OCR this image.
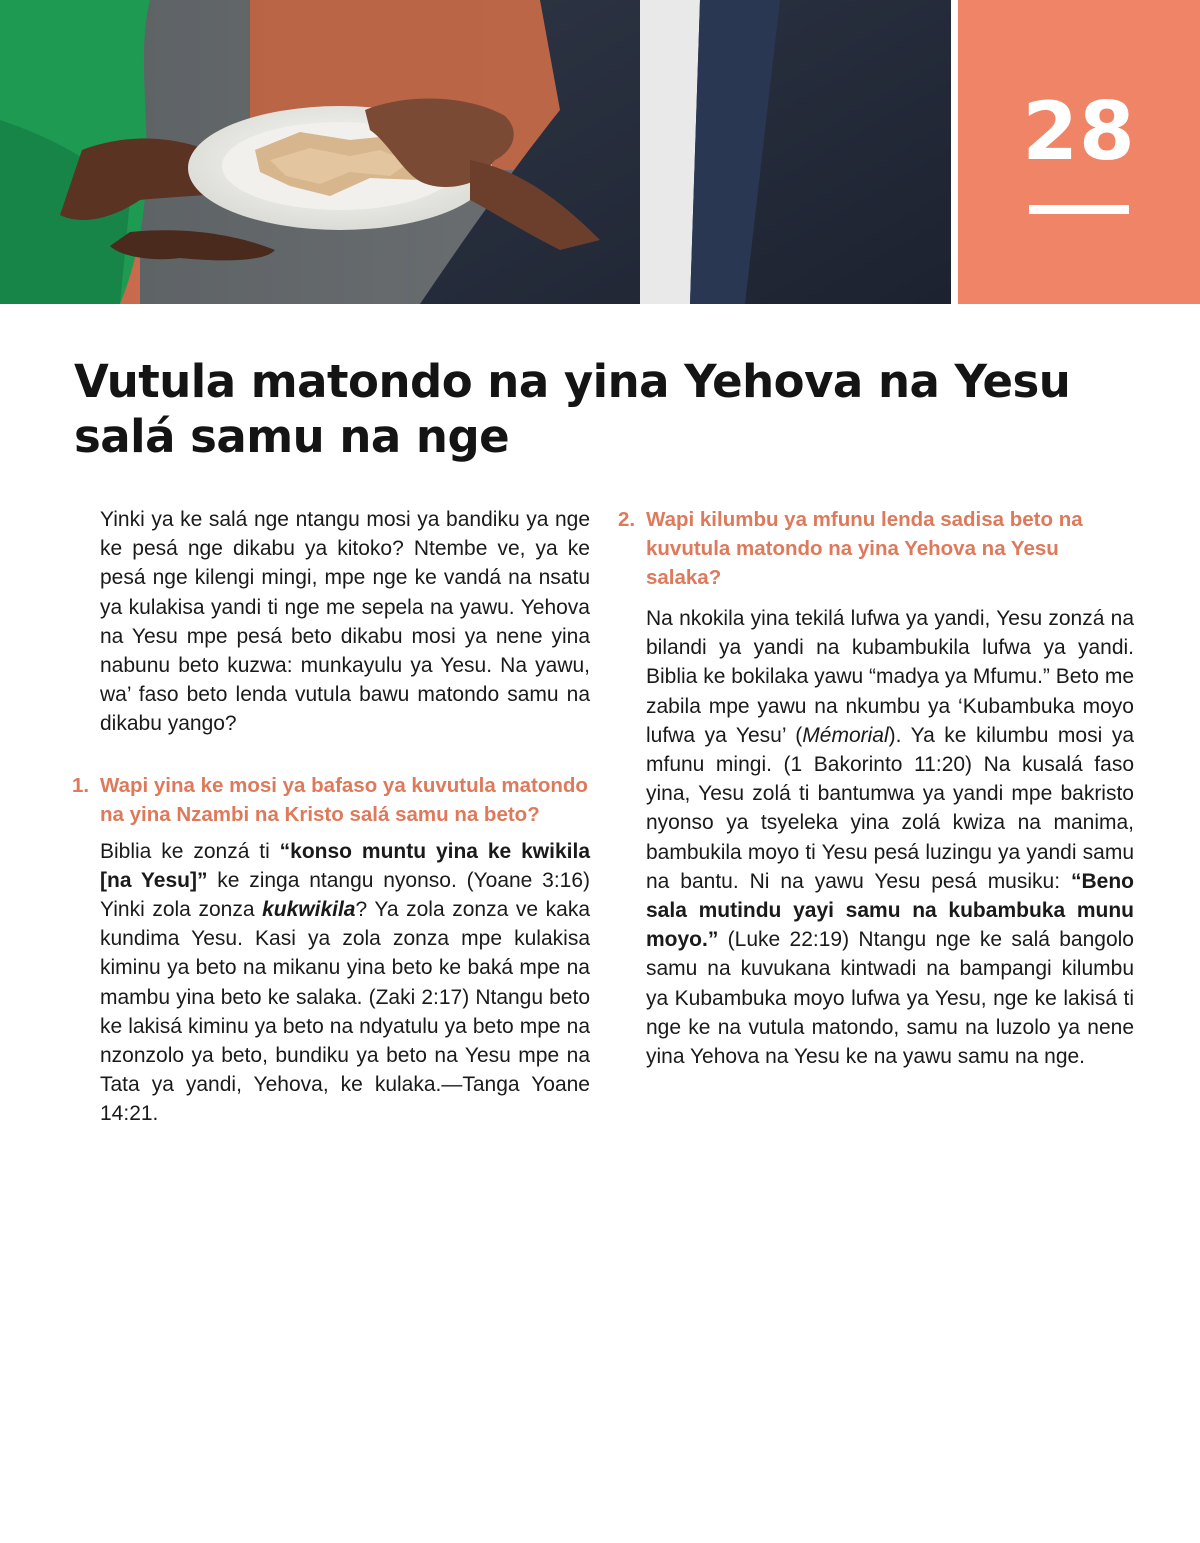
28
Vutula matondo na yina Yehova na Yesu salá samu na nge

Yinki ya ke salá nge ntangu mosi ya bandiku ya nge ke pesá nge dikabu ya kitoko? Ntembe ve, ya ke pesá nge kilengi mingi, mpe nge ke vandá na nsatu ya kulakisa yandi ti nge me sepela na yawu. Yehova na Yesu mpe pesá beto dikabu mosi ya nene yina nabunu beto kuzwa: munkayulu ya Yesu. Na yawu, wa’ faso beto lenda vutula bawu matondo samu na dikabu yango?

1. Wapi yina ke mosi ya bafaso ya kuvutula matondo na yina Nzambi na Kristo salá samu na beto?

Biblia ke zonzá ti “konso muntu yina ke kwikila [na Yesu]” ke zinga ntangu nyonso. (Yoane 3:16) Yinki zola zonza kukwikila? Ya zola zonza ve kaka kundima Yesu. Kasi ya zola zonza mpe kulakisa kiminu ya beto na mikanu yina beto ke baká mpe na mambu yina beto ke salaka. (Zaki 2:17) Ntangu beto ke lakisá kiminu ya beto na ndyatulu ya beto mpe na nzonzolo ya beto, bundiku ya beto na Yesu mpe na Tata ya yandi, Yehova, ke kulaka.—Tanga Yoane 14:21.

2. Wapi kilumbu ya mfunu lenda sadisa beto na kuvutula matondo na yina Yehova na Yesu salaka?

Na nkokila yina tekilá lufwa ya yandi, Yesu zonzá na bilandi ya yandi na kubambukila lufwa ya yandi. Biblia ke bokilaka yawu “madya ya Mfumu.” Beto me zabila mpe yawu na nkumbu ya ‘Kubambuka moyo lufwa ya Yesu’ (Mémorial). Ya ke kilumbu mosi ya mfunu mingi. (1 Bakorinto 11:20) Na kusalá faso yina, Yesu zolá ti bantumwa ya yandi mpe bakristo nyonso ya tsyeleka yina zolá kwiza na manima, bambukila moyo ti Yesu pesá luzingu ya yandi samu na bantu. Ni na yawu Yesu pesá musiku: “Beno sala mutindu yayi samu na kubambuka munu moyo.” (Luke 22:19) Ntangu nge ke salá bangolo samu na kuvukana kintwadi na bampangi kilumbu ya Kubambuka moyo lufwa ya Yesu, nge ke lakisá ti nge ke na vutula matondo, samu na luzolo ya nene yina Yehova na Yesu ke na yawu samu na nge.
